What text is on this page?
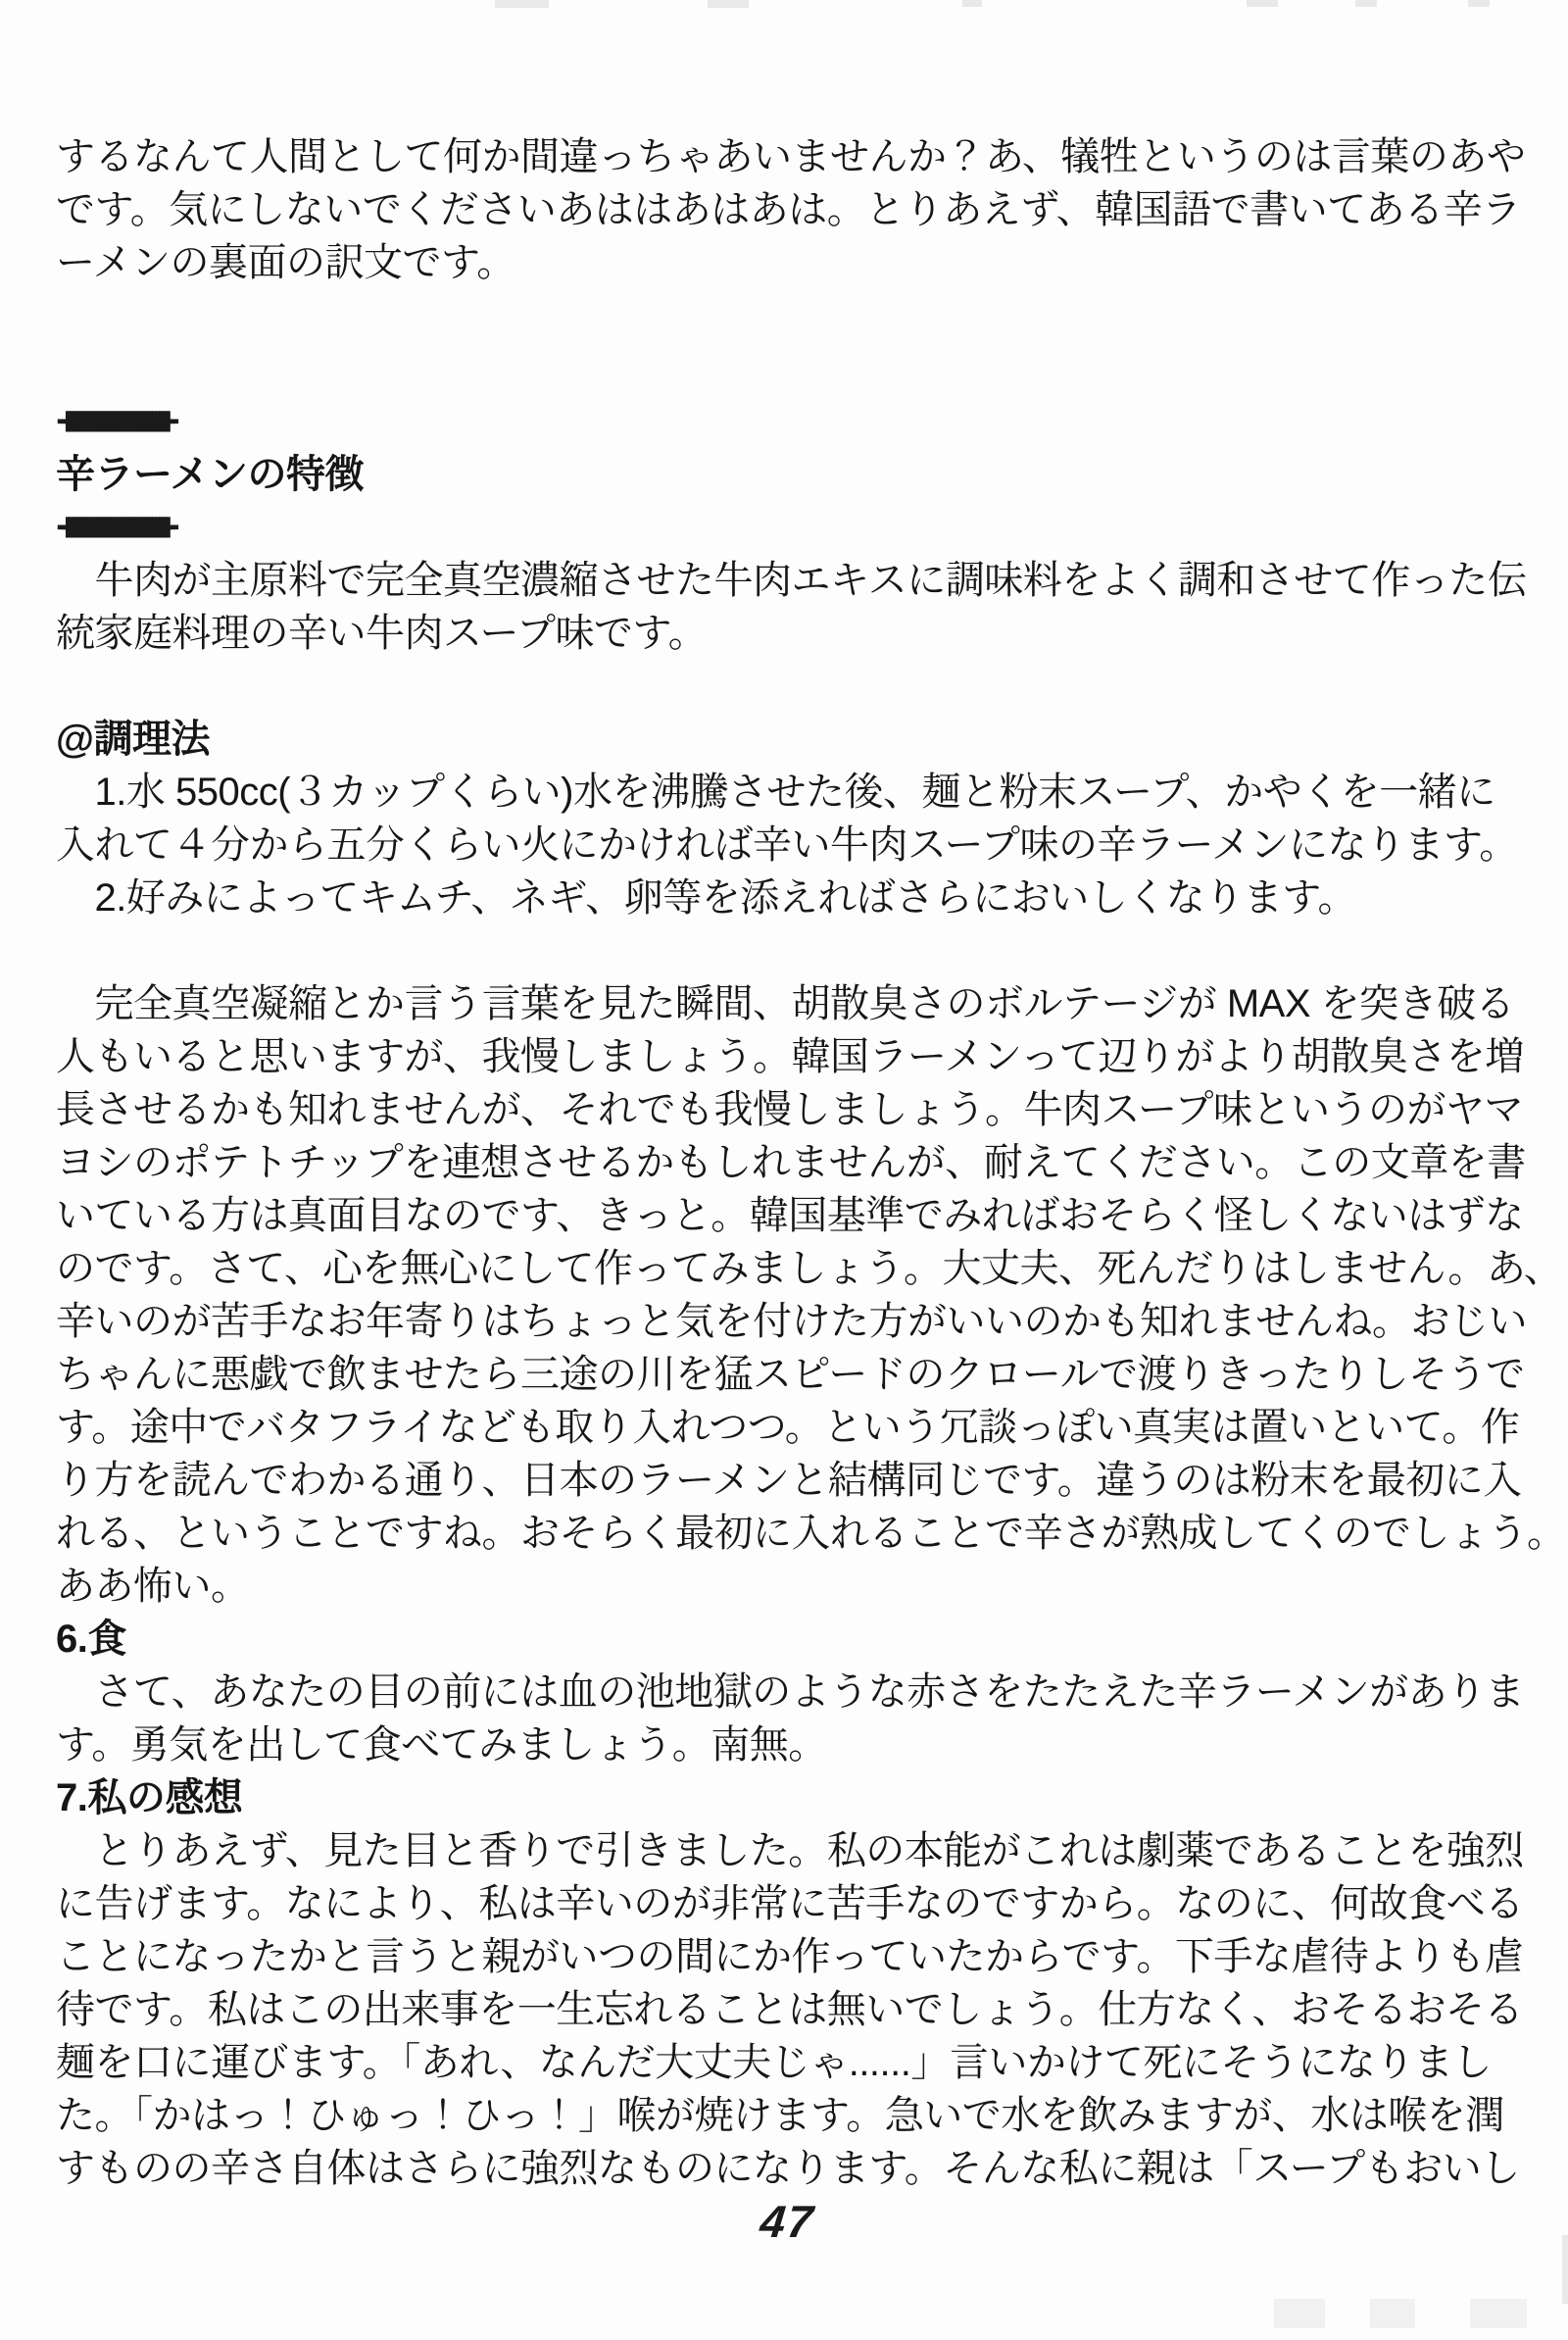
するなんて人間として何か間違っちゃあいませんか？あ、犠牲というのは言葉のあや
です。気にしないでくださいあははあはあは。とりあえず、韓国語で書いてある辛ラ
ーメンの裏面の訳文です。
++++++++++++++++++++++++++++++
辛ラーメンの特徴
++++++++++++++++++++++++++++++
　牛肉が主原料で完全真空濃縮させた牛肉エキスに調味料をよく調和させて作った伝
統家庭料理の辛い牛肉スープ味です。
@調理法
　1.水 550cc(３カップくらい)水を沸騰させた後、麺と粉末スープ、かやくを一緒に
入れて４分から五分くらい火にかければ辛い牛肉スープ味の辛ラーメンになります。
　2.好みによってキムチ、ネギ、卵等を添えればさらにおいしくなります。
　完全真空凝縮とか言う言葉を見た瞬間、胡散臭さのボルテージが MAX を突き破る
人もいると思いますが、我慢しましょう。韓国ラーメンって辺りがより胡散臭さを増
長させるかも知れませんが、それでも我慢しましょう。牛肉スープ味というのがヤマ
ヨシのポテトチップを連想させるかもしれませんが、耐えてください。この文章を書
いている方は真面目なのです、きっと。韓国基準でみればおそらく怪しくないはずな
のです。さて、心を無心にして作ってみましょう。大丈夫、死んだりはしません。あ、
辛いのが苦手なお年寄りはちょっと気を付けた方がいいのかも知れませんね。おじい
ちゃんに悪戯で飲ませたら三途の川を猛スピードのクロールで渡りきったりしそうで
す。途中でバタフライなども取り入れつつ。という冗談っぽい真実は置いといて。作
り方を読んでわかる通り、日本のラーメンと結構同じです。違うのは粉末を最初に入
れる、ということですね。おそらく最初に入れることで辛さが熟成してくのでしょう。
ああ怖い。
6.食
　さて、あなたの目の前には血の池地獄のような赤さをたたえた辛ラーメンがありま
す。勇気を出して食べてみましょう。南無。
7.私の感想
　とりあえず、見た目と香りで引きました。私の本能がこれは劇薬であることを強烈
に告げます。なにより、私は辛いのが非常に苦手なのですから。なのに、何故食べる
ことになったかと言うと親がいつの間にか作っていたからです。下手な虐待よりも虐
待です。私はこの出来事を一生忘れることは無いでしょう。仕方なく、おそるおそる
麺を口に運びます。「あれ、なんだ大丈夫じゃ......」言いかけて死にそうになりまし
た。「かはっ！ひゅっ！ひっ！」喉が焼けます。急いで水を飲みますが、水は喉を潤
すものの辛さ自体はさらに強烈なものになります。そんな私に親は「スープもおいし
47
